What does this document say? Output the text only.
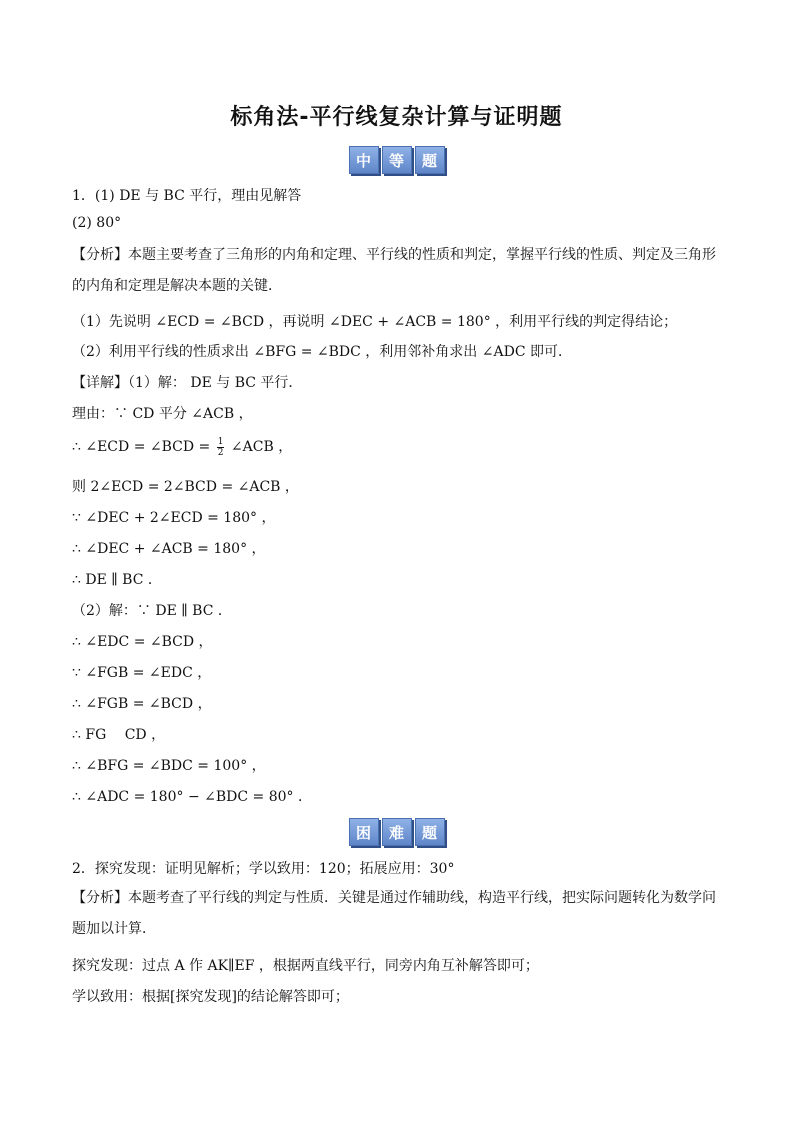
标角法-平行线复杂计算与证明题
中	等	题
1．(1) DE 与 BC 平行，理由见解答
(2) 80°
【分析】本题主要考查了三角形的内角和定理、平行线的性质和判定，掌握平行线的性质、判定及三角形的内角和定理是解决本题的关键．
（1）先说明 ∠ECD = ∠BCD ，再说明 ∠DEC + ∠ACB = 180° ，利用平行线的判定得结论；
（2）利用平行线的性质求出 ∠BFG = ∠BDC ，利用邻补角求出 ∠ADC 即可．
【详解】（1）解： DE 与 BC 平行．
理由：∵ CD 平分 ∠ACB ，
∴ ∠ECD = ∠BCD = $\frac{1}{2}$ ∠ACB ，
则 2∠ECD = 2∠BCD = ∠ACB ，
∵ ∠DEC + 2∠ECD = 180° ，
∴ ∠DEC + ∠ACB = 180° ，
∴ DE ∥ BC ．
（2）解：∵ DE ∥ BC ．
∴ ∠EDC = ∠BCD ，
∵ ∠FGB = ∠EDC ，
∴ ∠FGB = ∠BCD ，
∴ FG　 CD ，
∴ ∠BFG = ∠BDC = 100° ，
∴ ∠ADC = 180° − ∠BDC = 80° ．
困	难	题
2．探究发现：证明见解析；学以致用：120；拓展应用：30°
【分析】本题考查了平行线的判定与性质．关键是通过作辅助线，构造平行线，把实际问题转化为数学问题加以计算．
探究发现：过点 A 作 AK∥EF ，根据两直线平行，同旁内角互补解答即可；
学以致用：根据[探究发现]的结论解答即可；
